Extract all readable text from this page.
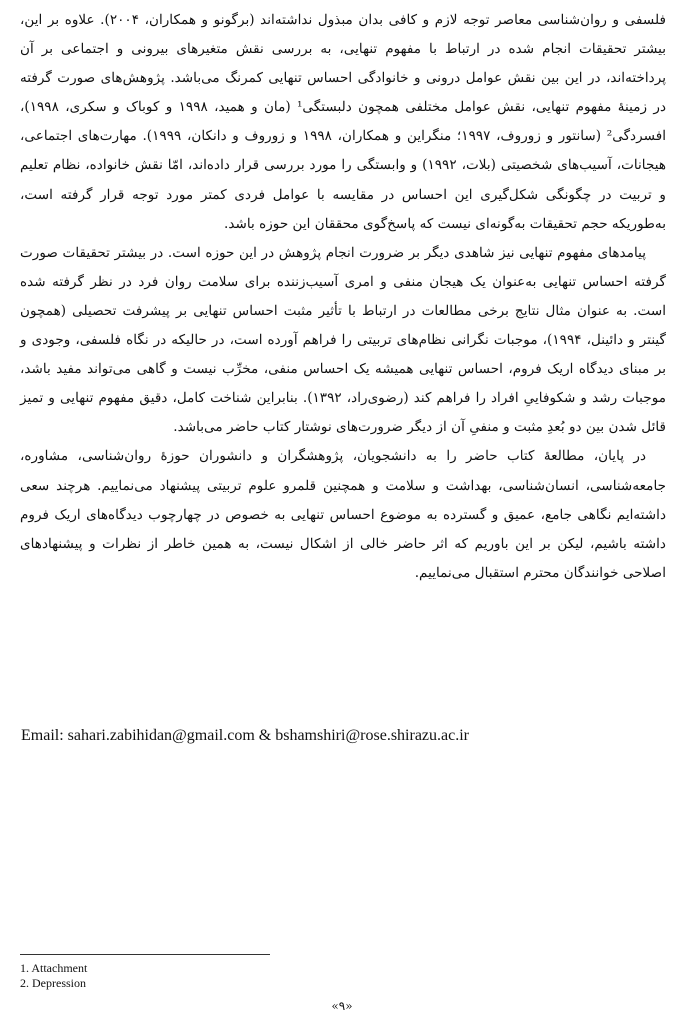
فلسفی و روان‌شناسی معاصر توجه لازم و کافی بدان مبذول نداشته‌اند (برگونو و همکاران، ۲۰۰۴). علاوه بر این، بیشتر تحقیقات انجام شده در ارتباط با مفهوم تنهایی، به بررسی نقش متغیرهای بیرونی و اجتماعی بر آن پرداخته‌اند، در این بین نقش عوامل درونی و خانوادگی احساس تنهایی کمرنگ می‌باشد. پژوهش‌های صورت گرفته در زمینهٔ مفهوم تنهایی، نقش عوامل مختلفی همچون دلبستگی¹ (مان و همید، ۱۹۹۸ و کوباک و سکری، ۱۹۹۸)، افسردگی² (سانتور و زوروف، ۱۹۹۷؛ منگراین و همکاران، ۱۹۹۸ و زوروف و دانکان، ۱۹۹۹). مهارت‌های اجتماعی، هیجانات، آسیب‌های شخصیتی (بلات، ۱۹۹۲) و وابستگی را مورد بررسی قرار داده‌اند، امّا نقش خانواده، نظام تعلیم و تربیت در چگونگی شکل‌گیری این احساس در مقایسه با عوامل فردی کمتر مورد توجه قرار گرفته است، به‌طوریکه حجم تحقیقات به‌گونه‌ای نیست که پاسخ‌گوی محققان این حوزه باشد.

پیامدهای مفهوم تنهایی نیز شاهدی دیگر بر ضرورت انجام پژوهش در این حوزه است. در بیشتر تحقیقات صورت گرفته احساس تنهایی به‌عنوان یک هیجان منفی و امری آسیب‌زننده برای سلامت روان فرد در نظر گرفته شده است. به عنوان مثال نتایج برخی مطالعات در ارتباط با تأثیر مثبت احساس تنهایی بر پیشرفت تحصیلی (همچون گینتر و دائینل، ۱۹۹۴)، موجبات نگرانی نظام‌های تربیتی را فراهم آورده است، در حالیکه در نگاه فلسفی، وجودی و بر مبنای دیدگاه اریک فروم، احساس تنهایی همیشه یک احساس منفی، مخرِّب نیست و گاهی می‌تواند مفید باشد، موجبات رشد و شکوفاییِ افراد را فراهم کند (رضوی‌راد، ۱۳۹۲). بنابراین شناخت کامل، دقیق مفهوم تنهایی و تمیز قائل شدن بین دو بُعدِ مثبت و منفیِ آن از دیگر ضرورت‌های نوشتار کتاب حاضر می‌باشد.

در پایان، مطالعهٔ کتاب حاضر را به دانشجویان، پژوهشگران و دانشوران حوزهٔ روان‌شناسی، مشاوره، جامعه‌شناسی، انسان‌شناسی، بهداشت و سلامت و همچنین قلمرو علوم تربیتی پیشنهاد می‌نماییم. هرچند سعی داشته‌ایم نگاهی جامع، عمیق و گسترده به موضوع احساس تنهایی به خصوص در چهارچوب دیدگاه‌های اریک فروم داشته باشیم، لیکن بر این باوریم که اثر حاضر خالی از اشکال نیست، به همین خاطر از نظرات و پیشنهادهای اصلاحی خوانندگان محترم استقبال می‌نماییم.

Email: sahari.zabihidan@gmail.com & bshamshiri@rose.shirazu.ac.ir

1. Attachment

2. Depression

«۹»
